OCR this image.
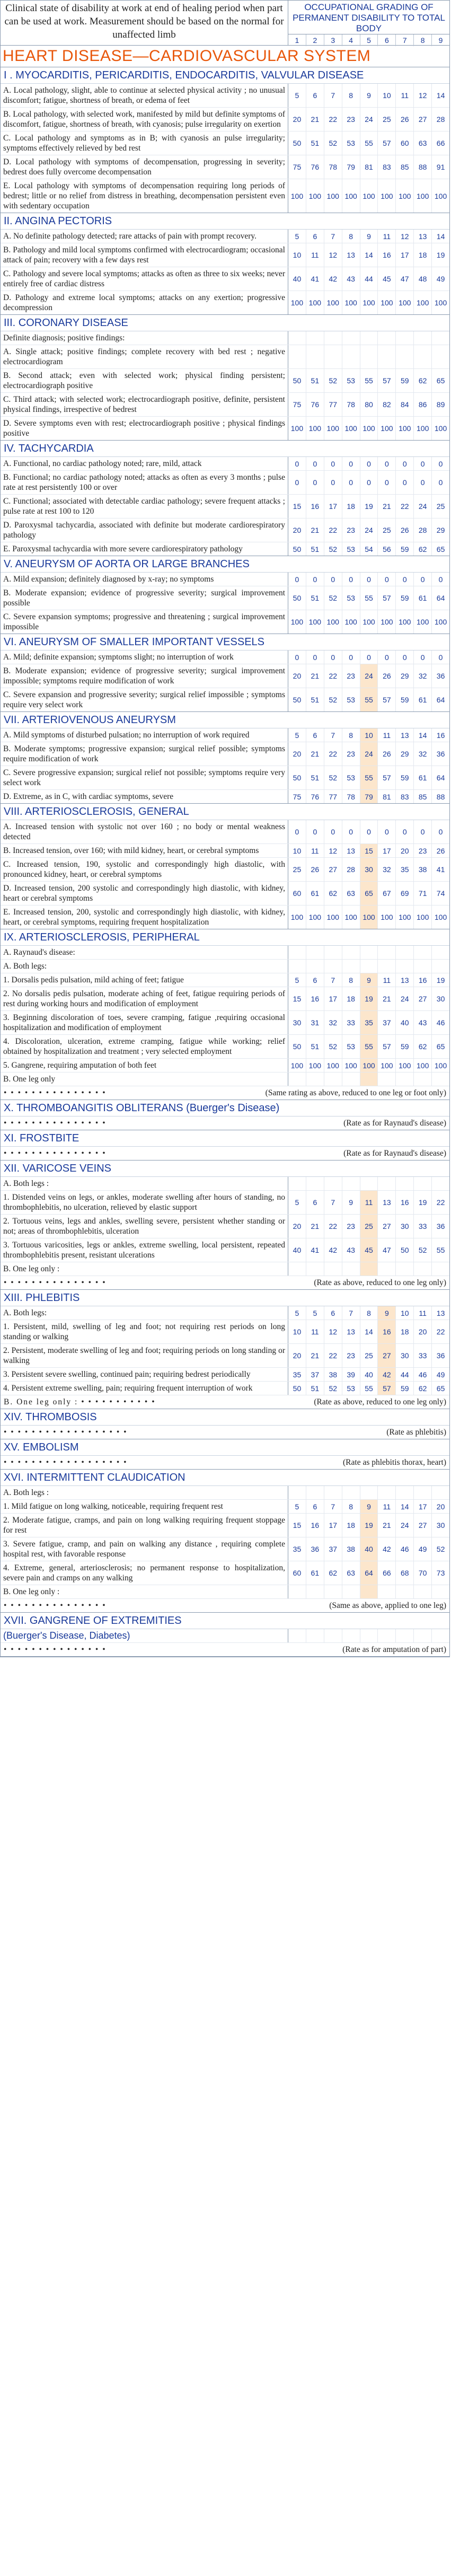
Clinical state of disability at work at end of healing period when part can be used at work. Measurement should be based on the normal for unaffected limb
OCCUPATIONAL GRADING OF PERMANENT DISABILITY TO TOTAL BODY
1	2	3	4	5	6	7	8	9
HEART DISEASE—CARDIOVASCULAR SYSTEM
I . MYOCARDITIS, PERICARDITIS, ENDOCARDITIS, VALVULAR DISEASE
A. Local pathology, slight, able to continue at selected physical activity ; no unusual discomfort; fatigue, shortness of breath, or edema of feet
5	6	7	8	9	10	11	12	14
B. Local pathology, with selected work, manifested by mild but definite symptoms of discomfort, fatigue, shortness of breath, with cyanosis; pulse irregularity on exertion
20	21	22	23	24	25	26	27	28
C. Local pathology and symptoms as in B; with cyanosis an pulse irregularity; symptoms effectively relieved by bed rest
50	51	52	53	55	57	60	63	66
D. Local pathology with symptoms of decompensation, progressing in severity; bedrest does fully overcome decompensation
75	76	78	79	81	83	85	88	91
E. Local pathology with symptoms of decompensation requiring long periods of bedrest; little or no relief from distress in breathing, decompensation persistent even with sedentary occupation
100 100 100 100 100 100 100 100 100
II. ANGINA PECTORIS
A. No definite pathology detected; rare attacks of pain with prompt recovery.	5	6	7	8	9	11	12	13	14
B. Pathology and mild local symptoms confirmed with electrocardiogram; occasional attack of pain; recovery with a few days rest
10	11	12	13	14	16	17	18	19
C. Pathology and severe local symptoms; attacks as often as three to six weeks; never entirely free of cardiac distress
40	41	42	43	44	45	47	48	49
D. Pathology and extreme local symptoms; attacks on any exertion; progressive decompression
100 100 100 100 100 100 100 100 100
III. CORONARY DISEASE
Definite diagnosis; positive findings:
A. Single attack; positive findings; complete recovery with bed rest ; negative electrocardiogram
B. Second attack; even with selected work; physical finding persistent; electrocardiograph positive
50	51	52	53	55	57	59	62	65
C. Third attack; with selected work; electrocardiograph positive, definite, persistent physical findings, irrespective of bedrest
75	76	77	78	80	82	84	86	89
D. Severe symptoms even with rest; electrocardiograph positive ; physical findings positive
100 100 100 100 100 100 100 100 100
IV. TACHYCARDIA
A. Functional, no cardiac pathology noted; rare, mild, attack	0	0	0	0	0	0	0	0	0
B. Functional; no cardiac pathology noted; attacks as often as every 3 months ; pulse rate at rest persistently 100 or over
0	0	0	0	0	0	0	0	0
C. Functional; associated with detectable cardiac pathology; severe frequent attacks ; pulse rate at rest 100 to 120
15	16	17	18	19	21	22	24	25
D. Paroxysmal tachycardia, associated with definite but moderate cardiorespiratory pathology
20	21	22	23	24	25	26	28	29
E. Paroxysmal tachycardia with more severe cardiorespiratory pathology	50	51	52	53	54	56	59	62	65
V. ANEURYSM OF AORTA OR LARGE BRANCHES
A. Mild expansion; definitely diagnosed by x-ray; no symptoms	0	0	0	0	0	0	0	0	0
B. Moderate expansion; evidence of progressive severity; surgical improvement possible
50	51	52	53	55	57	59	61	64
C. Severe expansion symptoms; progressive and threatening ; surgical improvement impossible
100 100 100 100 100 100 100 100 100
VI. ANEURYSM OF SMALLER IMPORTANT VESSELS
A. Mild; definite expansion; symptoms slight; no interruption of work	0	0	0	0	0	0	0	0	0
B. Moderate expansion; evidence of progressive severity; surgical improvement impossible; symptoms require modification of work
20	21	22	23	24	26	29	32	36
C. Severe expansion and progressive severity; surgical relief impossible ; symptoms require very select work
50	51	52	53	55	57	59	61	64
VII. ARTERIOVENOUS ANEURYSM
A. Mild symptoms of disturbed pulsation; no interruption of work required	5	6	7	8	10	11	13	14	16
B. Moderate symptoms; progressive expansion; surgical relief possible; symptoms require modification of work
20	21	22	23	24	26	29	32	36
C. Severe progressive expansion; surgical relief not possible; symptoms require very select work
50	51	52	53	55	57	59	61	64
D. Extreme, as in C, with cardiac symptoms, severe	75	76	77	78	79	81	83	85	88
VIII. ARTERIOSCLEROSIS, GENERAL
A. Increased tension with systolic not over 160 ; no body or mental weakness detected
0	0	0	0	0	0	0	0	0
B. Increased tension, over 160; with mild kidney, heart, or cerebral symptoms	10	11	12	13	15	17	20	23	26
C. Increased tension, 190, systolic and correspondingly high diastolic, with pronounced kidney, heart, or cerebral symptoms
25	26	27	28	30	32	35	38	41
D. Increased tension, 200 systolic and correspondingly high diastolic, with kidney, heart or cerebral symptoms
60	61	62	63	65	67	69	71	74
E. Increased tension, 200, systolic and correspondingly high diastolic, with kidney, heart, or cerebral symptoms, requiring frequent hospitalization
100 100 100 100 100 100 100 100 100
IX. ARTERIOSCLEROSIS, PERIPHERAL
A. Raynaud's disease:
A. Both legs:
1. Dorsalis pedis pulsation, mild aching of feet; fatigue	5	6	7	8	9	11	13	16	19
2. No dorsalis pedis pulsation, moderate aching of feet, fatigue requiring periods of rest during working hours and modification of employment
15	16	17	18	19	21	24	27	30
3. Beginning discoloration of toes, severe cramping, fatigue ,requiring occasional hospitalization and modification of employment
30	31	32	33	35	37	40	43	46
4. Discoloration, ulceration, extreme cramping, fatigue while working; relief obtained by hospitalization and treatment ; very selected employment
50	51	52	53	55	57	59	62	65
5. Gangrene, requiring amputation of both feet	100 100 100 100 100 100 100 100 100
B. One leg only
• • • • • • • • • • • • • • •	(Same rating as above, reduced to one leg or foot only)
X. THROMBOANGITIS OBLITERANS (Buerger's Disease)
• • • • • • • • • • • • • • •	(Rate as for Raynaud's disease)
XI. FROSTBITE
• • • • • • • • • • • • • • •	(Rate as for Raynaud's disease)
XII. VARICOSE VEINS
A. Both legs :
1. Distended veins on legs, or ankles, moderate swelling after hours of standing, no thrombophlebitis, no ulceration, relieved by elastic support
5	6	7	9	11	13	16	19	22
2. Tortuous veins, legs and ankles, swelling severe, persistent whether standing or not; areas of thrombophlebitis, ulceration
20	21	22	23	25	27	30	33	36
3. Tortuous varicosities, legs or ankles, extreme swelling, local persistent, repeated thrombophlebitis present, resistant ulcerations
40	41	42	43	45	47	50	52	55
B. One leg only :
• • • • • • • • • • • • • • •	(Rate as above, reduced to one leg only)
XIII. PHLEBITIS
A. Both legs:	5	5	6	7	8	9	10	11	13
1. Persistent, mild, swelling of leg and foot; not requiring rest periods on long standing or walking
10	11	12	13	14	16	18	20	22
2. Persistent, moderate swelling of leg and foot; requiring periods on long standing or walking
20	21	22	23	25	27	30	33	36
3. Persistent severe swelling, continued pain; requiring bedrest periodically	35	37	38	39	40	42	44	46	49
4. Persistent extreme swelling, pain; requiring frequent interruption of work	50	51	52	53	55	57	59	62	65
B. One leg only : • • • • • • • • • • •	(Rate as above, reduced to one leg only)
XIV. THROMBOSIS
• • • • • • • • • • • • • • • • • •	(Rate as phlebitis)
XV. EMBOLISM
• • • • • • • • • • • • • • • • • •	(Rate as phlebitis thorax, heart)
XVI. INTERMITTENT CLAUDICATION
A. Both legs :
1. Mild fatigue on long walking, noticeable, requiring frequent rest	5	6	7	8	9	11	14	17	20
2. Moderate fatigue, cramps, and pain on long walking requiring frequent stoppage for rest
15	16	17	18	19	21	24	27	30
3. Severe fatigue, cramp, and pain on walking any distance , requiring complete hospital rest, with favorable response
35	36	37	38	40	42	46	49	52
4. Extreme, general, arteriosclerosis; no permanent response to hospitalization, severe pain and cramps on any walking
60	61	62	63	64	66	68	70	73
B. One leg only :
• • • • • • • • • • • • • • •	(Same as above, applied to one leg)
XVII. GANGRENE OF EXTREMITIES
(Buerger's Disease, Diabetes)
• • • • • • • • • • • • • • •	(Rate as for amputation of part)
